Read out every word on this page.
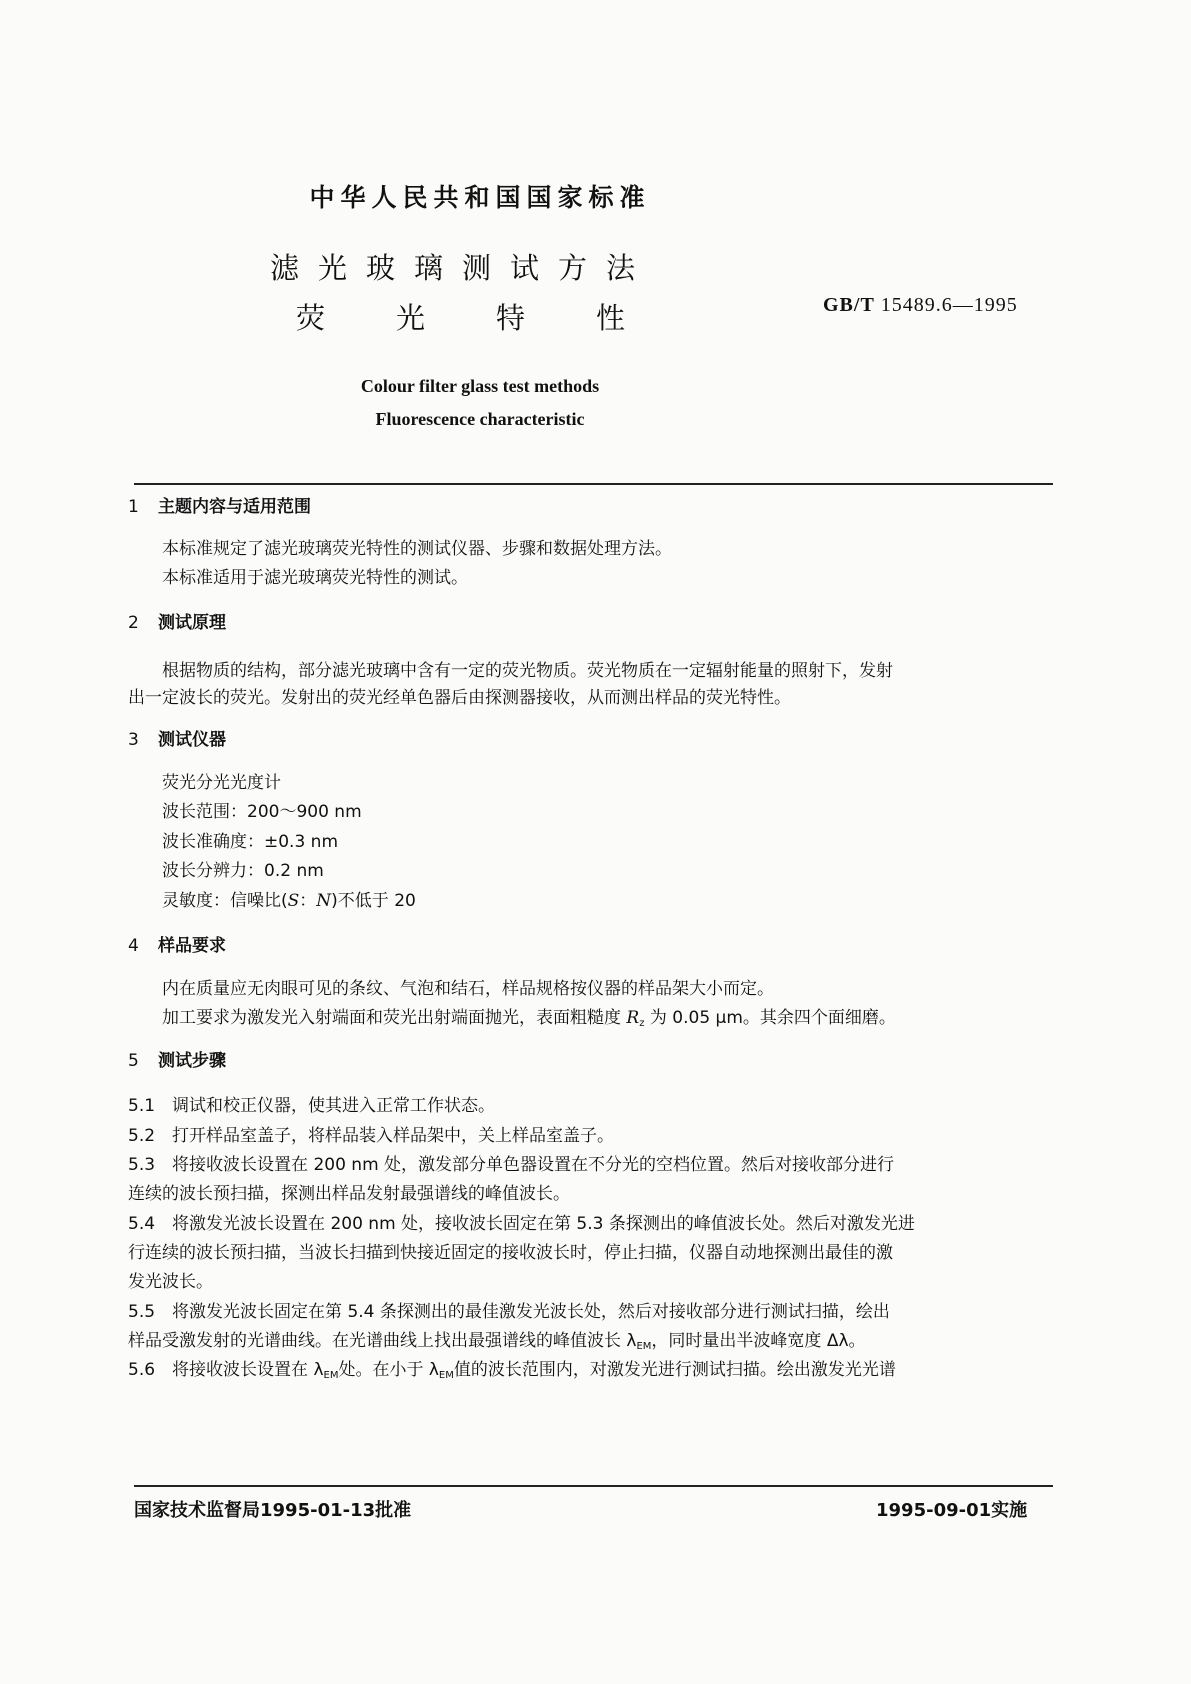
中华人民共和国国家标准
滤光玻璃测试方法
荧 光 特 性	GB/T 15489.6—1995
Colour filter glass test methods
Fluorescence characteristic
1 主题内容与适用范围
本标准规定了滤光玻璃荧光特性的测试仪器、步骤和数据处理方法。
本标准适用于滤光玻璃荧光特性的测试。
2 测试原理
根据物质的结构，部分滤光玻璃中含有一定的荧光物质。荧光物质在一定辐射能量的照射下，发射
出一定波长的荧光。发射出的荧光经单色器后由探测器接收，从而测出样品的荧光特性。
3 测试仪器
荧光分光光度计
波长范围：200～900 nm
波长准确度：±0.3 nm
波长分辨力：0.2 nm
灵敏度：信噪比(S：N)不低于 20
4 样品要求
内在质量应无肉眼可见的条纹、气泡和结石，样品规格按仪器的样品架大小而定。
加工要求为激发光入射端面和荧光出射端面抛光，表面粗糙度 $R_z$ 为 0.05 μm。其余四个面细磨。
5 测试步骤
5.1　调试和校正仪器，使其进入正常工作状态。
5.2　打开样品室盖子，将样品装入样品架中，关上样品室盖子。
5.3　将接收波长设置在 200 nm 处，激发部分单色器设置在不分光的空档位置。然后对接收部分进行
连续的波长预扫描，探测出样品发射最强谱线的峰值波长。
5.4　将激发光波长设置在 200 nm 处，接收波长固定在第 5.3 条探测出的峰值波长处。然后对激发光进
行连续的波长预扫描，当波长扫描到快接近固定的接收波长时，停止扫描，仪器自动地探测出最佳的激
发光波长。
5.5　将激发光波长固定在第 5.4 条探测出的最佳激发光波长处，然后对接收部分进行测试扫描，绘出
样品受激发射的光谱曲线。在光谱曲线上找出最强谱线的峰值波长 $\lambda_{EM}$，同时量出半波峰宽度 Δλ。
5.6　将接收波长设置在 $\lambda_{EM}$处。在小于 $\lambda_{EM}$值的波长范围内，对激发光进行测试扫描。绘出激发光光谱
国家技术监督局1995-01-13批准	1995-09-01实施
